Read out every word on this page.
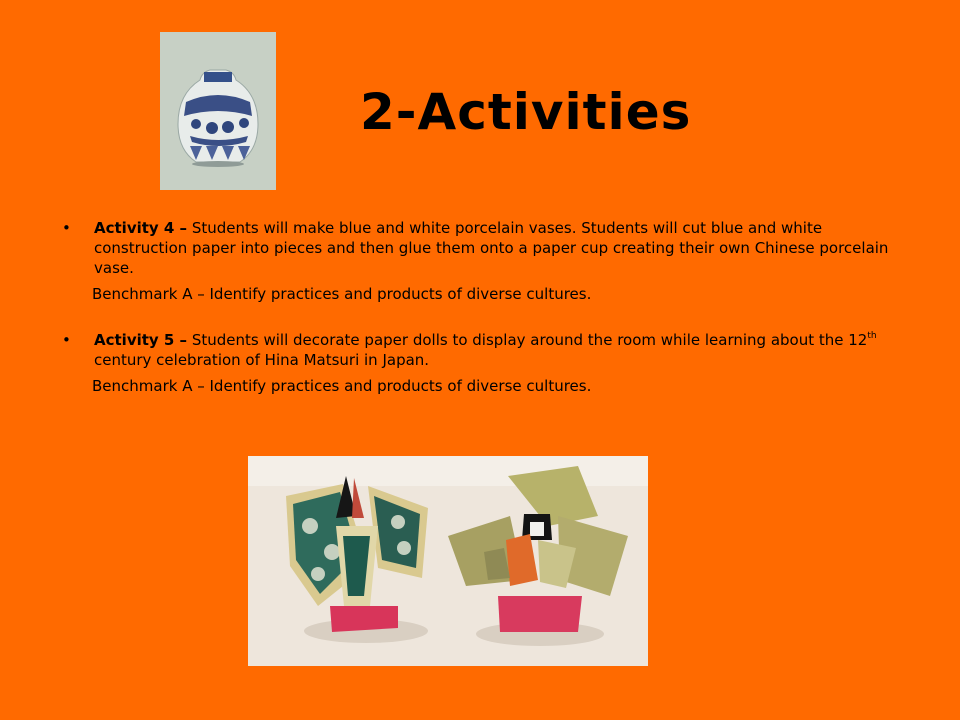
2-Activities
• Activity 4 – Students will make blue and white porcelain vases. Students will cut blue and white construction paper into pieces and then glue them onto a paper cup creating their own Chinese porcelain vase.
Benchmark A – Identify practices and products of diverse cultures.
• Activity 5 – Students will decorate paper dolls to display around the room while learning about the 12th century celebration of Hina Matsuri in Japan.
Benchmark A – Identify practices and products of diverse cultures.
